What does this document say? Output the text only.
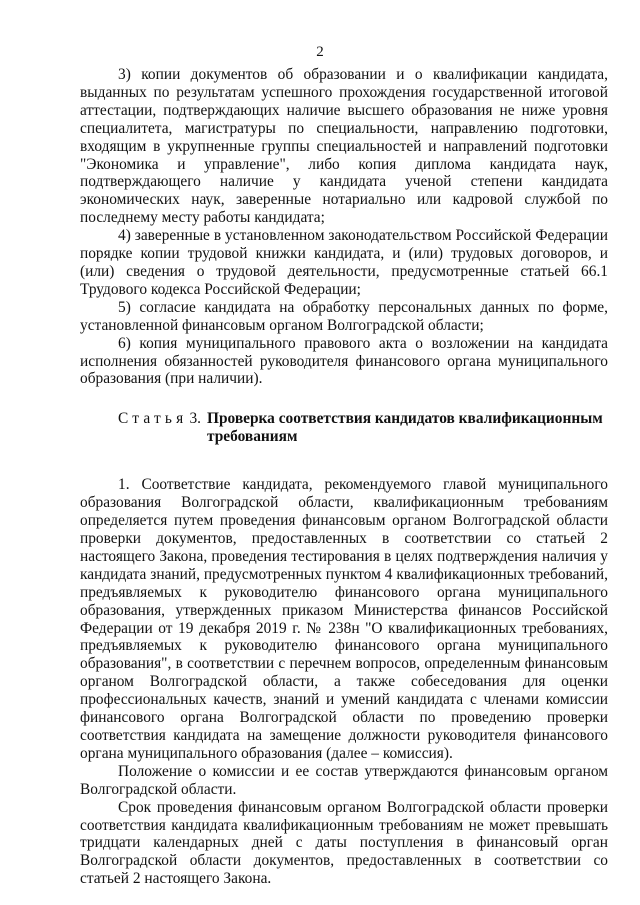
2

3) копии документов об образовании и о квалификации кандидата, выданных по результатам успешного прохождения государственной итоговой аттестации, подтверждающих наличие высшего образования не ниже уровня специалитета, магистратуры по специальности, направлению подготовки, входящим в укрупненные группы специальностей и направлений подготовки "Экономика и управление", либо копия диплома кандидата наук, подтверждающего наличие у кандидата ученой степени кандидата экономических наук, заверенные нотариально или кадровой службой по последнему месту работы кандидата;

4) заверенные в установленном законодательством Российской Федерации порядке копии трудовой книжки кандидата, и (или) трудовых договоров, и (или) сведения о трудовой деятельности, предусмотренные статьей 66.1 Трудового кодекса Российской Федерации;

5) согласие кандидата на обработку персональных данных по форме, установленной финансовым органом Волгоградской области;

6) копия муниципального правового акта о возложении на кандидата исполнения обязанностей руководителя финансового органа муниципального образования (при наличии).

Статья 3. Проверка соответствия кандидатов квалификационным требованиям

1. Соответствие кандидата, рекомендуемого главой муниципального образования Волгоградской области, квалификационным требованиям определяется путем проведения финансовым органом Волгоградской области проверки документов, предоставленных в соответствии со статьей 2 настоящего Закона, проведения тестирования в целях подтверждения наличия у кандидата знаний, предусмотренных пунктом 4 квалификационных требований, предъявляемых к руководителю финансового органа муниципального образования, утвержденных приказом Министерства финансов Российской Федерации от 19 декабря 2019 г. № 238н "О квалификационных требованиях, предъявляемых к руководителю финансового органа муниципального образования", в соответствии с перечнем вопросов, определенным финансовым органом Волгоградской области, а также собеседования для оценки профессиональных качеств, знаний и умений кандидата с членами комиссии финансового органа Волгоградской области по проведению проверки соответствия кандидата на замещение должности руководителя финансового органа муниципального образования (далее – комиссия).

Положение о комиссии и ее состав утверждаются финансовым органом Волгоградской области.

Срок проведения финансовым органом Волгоградской области проверки соответствия кандидата квалификационным требованиям не может превышать тридцати календарных дней с даты поступления в финансовый орган Волгоградской области документов, предоставленных в соответствии со статьей 2 настоящего Закона.
